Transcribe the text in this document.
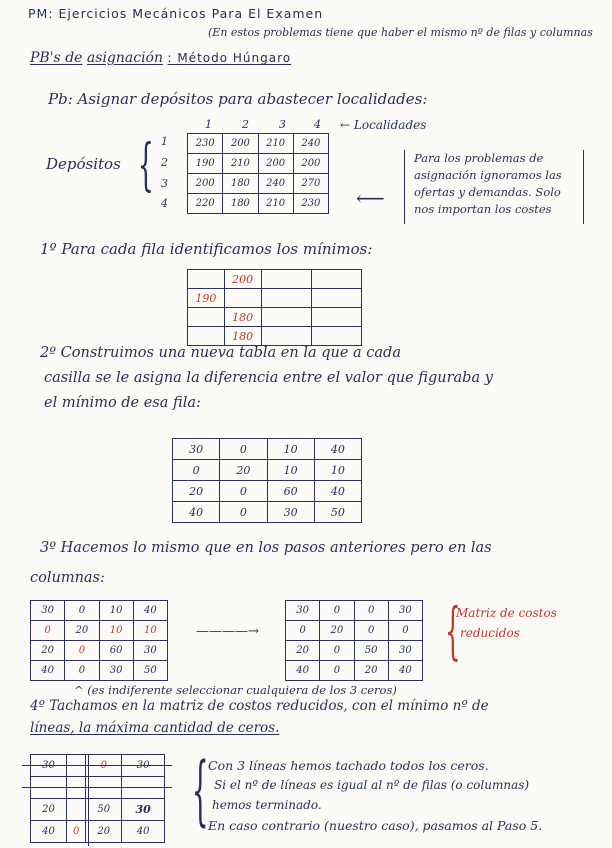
PM: Ejercicios Mecánicos Para El Examen
(En estos problemas tiene que haber el mismo nº de filas y columnas
PB's de asignación : Método Húngaro
Pb: Asignar depósitos para abastecer localidades:
1	2	3	4 ← Localidades
Depósitos { 1
2
3
4
230	200	210	240
190	210	200	200
200	180	240	270
220	180	210	230 ⟵
Para los problemas de asignación ignoramos las ofertas y demandas. Solo nos importan los costes
1º Para cada fila identificamos los mínimos:
	200		
190			
	180		
	180		
2º Construimos una nueva tabla en la que a cada
casilla se le asigna la diferencia entre el valor que figuraba y
el mínimo de esa fila:
30	0	10	40
0	20	10	10
20	0	60	40
40	0	30	50
3º Hacemos lo mismo que en los pasos anteriores pero en las
columnas:
30	0	10	40
0	20	10	10
20	0	60	30
40	0	30	50
————→
30	0	0	30
0	20	0	0
20	0	50	30
40	0	20	40
{
Matriz de costos
reducidos
^ (es indiferente seleccionar cualquiera de los 3 ceros)
4º Tachamos en la matriz de costos reducidos, con el mínimo nº de
líneas, la máxima cantidad de ceros.
30		0	30

20		50	30
40	0	20	40 { Con 3 líneas hemos tachado todos los ceros.
Si el nº de líneas es igual al nº de filas (o columnas)
hemos terminado.
En caso contrario (nuestro caso), pasamos al Paso 5.
